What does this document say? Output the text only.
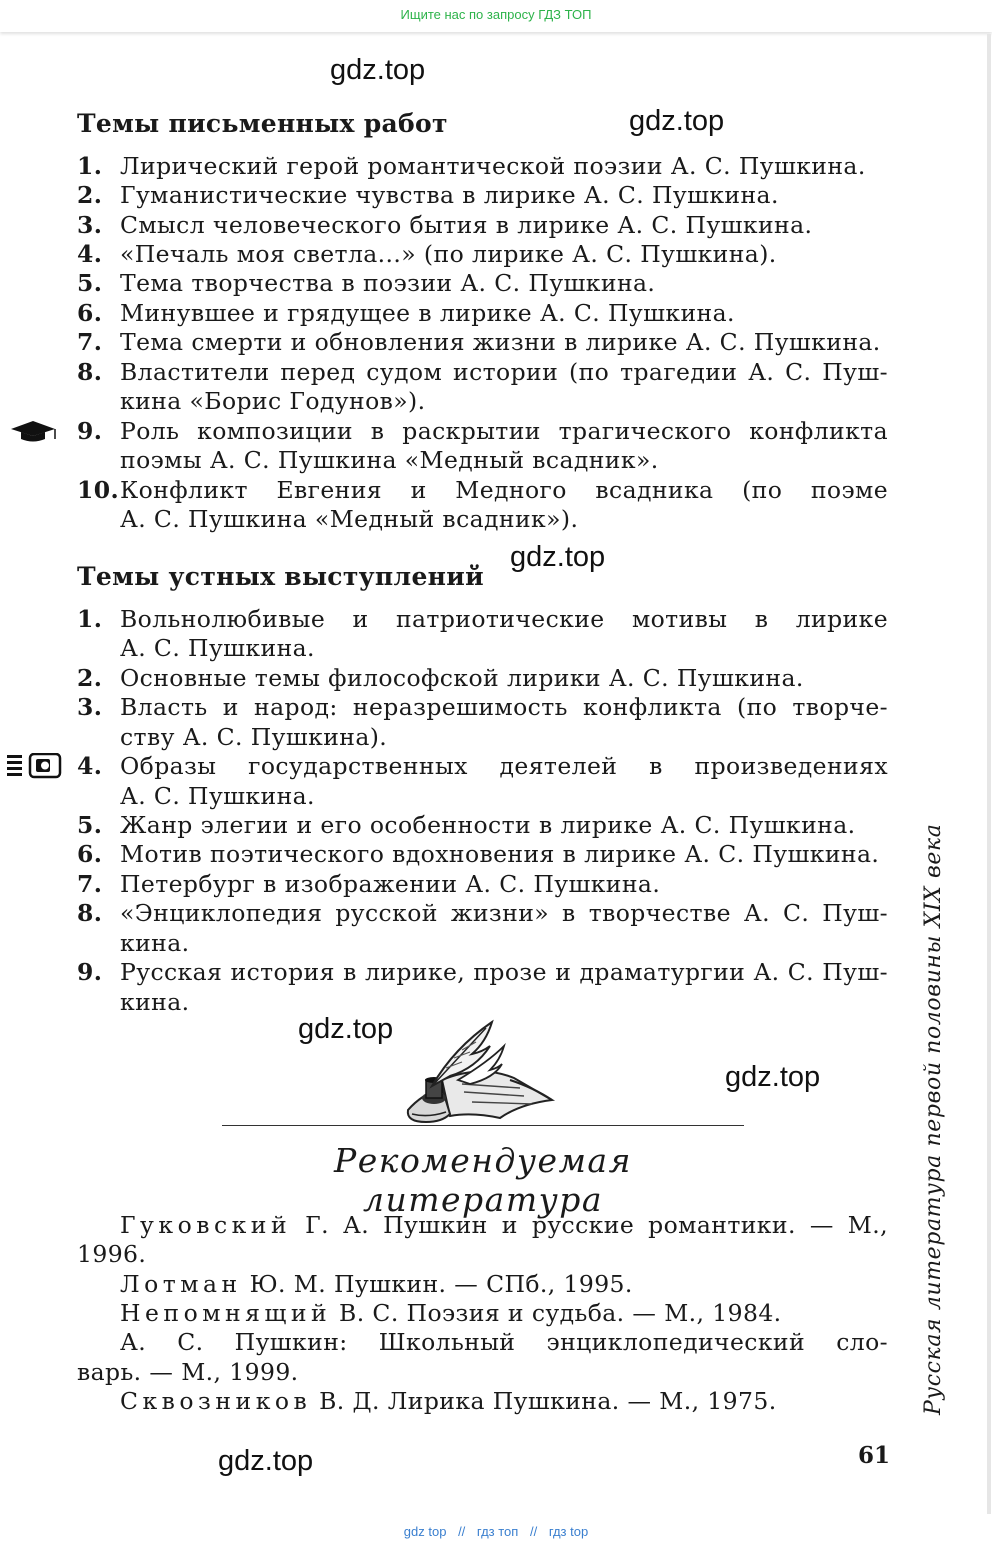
Ищите нас по запросу ГДЗ ТОП
gdz.top
gdz.top
gdz.top
gdz.top
gdz.top
gdz.top
Темы письменных работ
1. Лирический герой романтической поэзии А. С. Пушкина.
2. Гуманистические чувства в лирике А. С. Пушкина.
3. Смысл человеческого бытия в лирике А. С. Пушкина.
4. «Печаль моя светла...» (по лирике А. С. Пушкина).
5. Тема творчества в поэзии А. С. Пушкина.
6. Минувшее и грядущее в лирике А. С. Пушкина.
7. Тема смерти и обновления жизни в лирике А. С. Пушкина.
8. Властители перед судом истории (по трагедии А. С. Пуш-
кина «Борис Годунов»).
9. Роль композиции в раскрытии трагического конфликта
поэмы А. С. Пушкина «Медный всадник».
10. Конфликт Евгения и Медного всадника (по поэме
А. С. Пушкина «Медный всадник»).
Темы устных выступлений
1. Вольнолюбивые и патриотические мотивы в лирике
А. С. Пушкина.
2. Основные темы философской лирики А. С. Пушкина.
3. Власть и народ: неразрешимость конфликта (по творче-
ству А. С. Пушкина).
4. Образы государственных деятелей в произведениях
А. С. Пушкина.
5. Жанр элегии и его особенности в лирике А. С. Пушкина.
6. Мотив поэтического вдохновения в лирике А. С. Пушкина.
7. Петербург в изображении А. С. Пушкина.
8. «Энциклопедия русской жизни» в творчестве А. С. Пуш-
кина.
9. Русская история в лирике, прозе и драматургии А. С. Пуш-
кина.
Рекомендуемая литература
Гуковский Г. А. Пушкин и русские романтики. — М.,
1996.
Лотман Ю. М. Пушкин. — СПб., 1995.
Непомнящий В. С. Поэзия и судьба. — М., 1984.
А. С. Пушкин: Школьный энциклопедический сло-
варь. — М., 1999.
Сквозников В. Д. Лирика Пушкина. — М., 1975.	Русская литература первой половины XIX века
61
gdz top // гдз топ // гдз top
